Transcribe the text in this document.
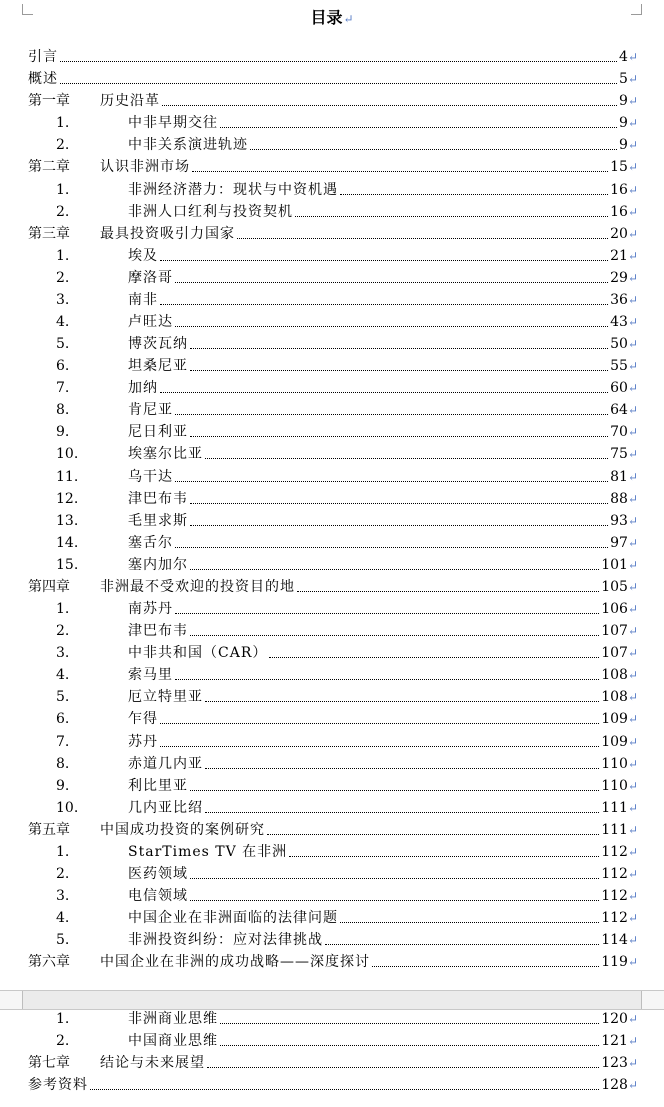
目录↵
引言	4↵
概述	5↵
第一章	历史沿革	9↵
1.	中非早期交往	9↵
2.	中非关系演进轨迹	9↵
第二章	认识非洲市场	15↵
1.	非洲经济潜力：现状与中资机遇	16↵
2.	非洲人口红利与投资契机	16↵
第三章	最具投资吸引力国家	20↵
1.	埃及	21↵
2.	摩洛哥	29↵
3.	南非	36↵
4.	卢旺达	43↵
5.	博茨瓦纳	50↵
6.	坦桑尼亚	55↵
7.	加纳	60↵
8.	肯尼亚	64↵
9.	尼日利亚	70↵
10.	埃塞尔比亚	75↵
11.	乌干达	81↵
12.	津巴布韦	88↵
13.	毛里求斯	93↵
14.	塞舌尔	97↵
15.	塞内加尔	101↵
第四章	非洲最不受欢迎的投资目的地	105↵
1.	南苏丹	106↵
2.	津巴布韦	107↵
3.	中非共和国（CAR）	107↵
4.	索马里	108↵
5.	厄立特里亚	108↵
6.	乍得	109↵
7.	苏丹	109↵
8.	赤道几内亚	110↵
9.	利比里亚	110↵
10.	几内亚比绍	111↵
第五章	中国成功投资的案例研究	111↵
1.	StarTimes TV 在非洲	112↵
2.	医药领域	112↵
3.	电信领域	112↵
4.	中国企业在非洲面临的法律问题	112↵
5.	非洲投资纠纷：应对法律挑战	114↵
第六章	中国企业在非洲的成功战略——深度探讨	119↵
1.	非洲商业思维	120↵
2.	中国商业思维	121↵
第七章	结论与未来展望	123↵
参考资料	128↵
